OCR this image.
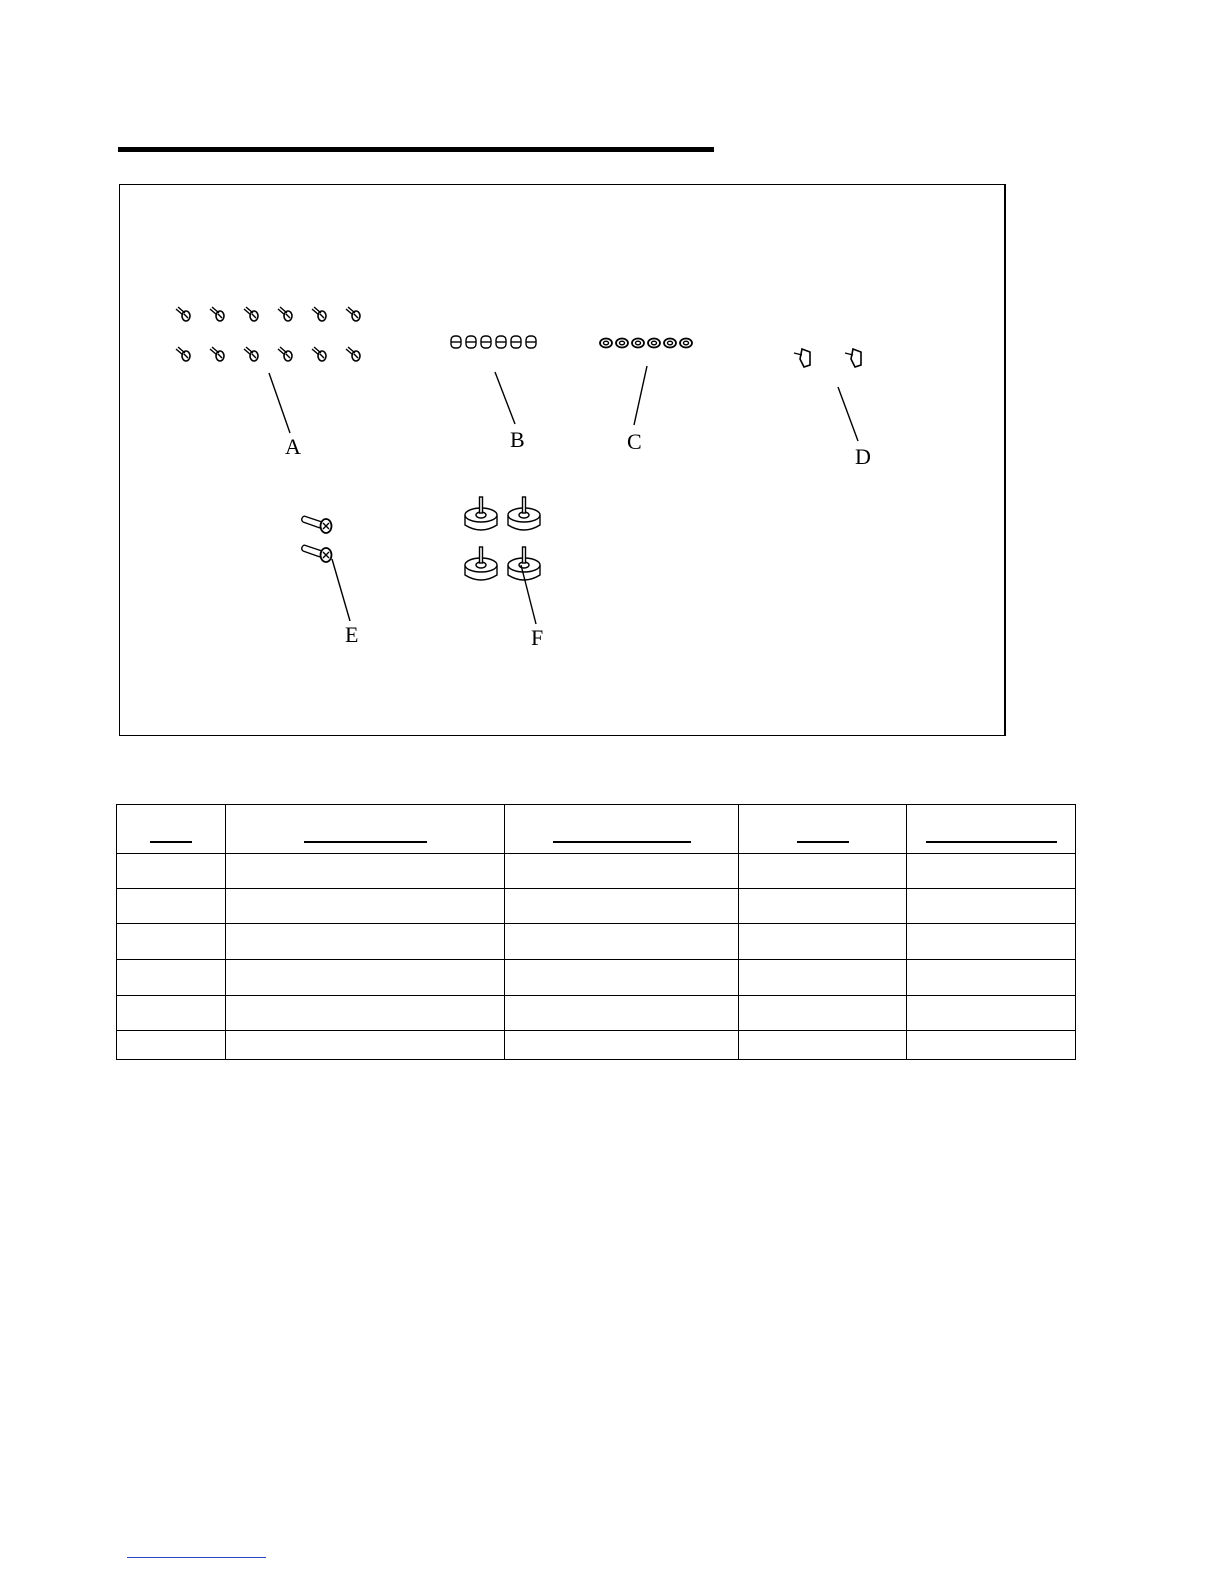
A	B	C
D
E	F
